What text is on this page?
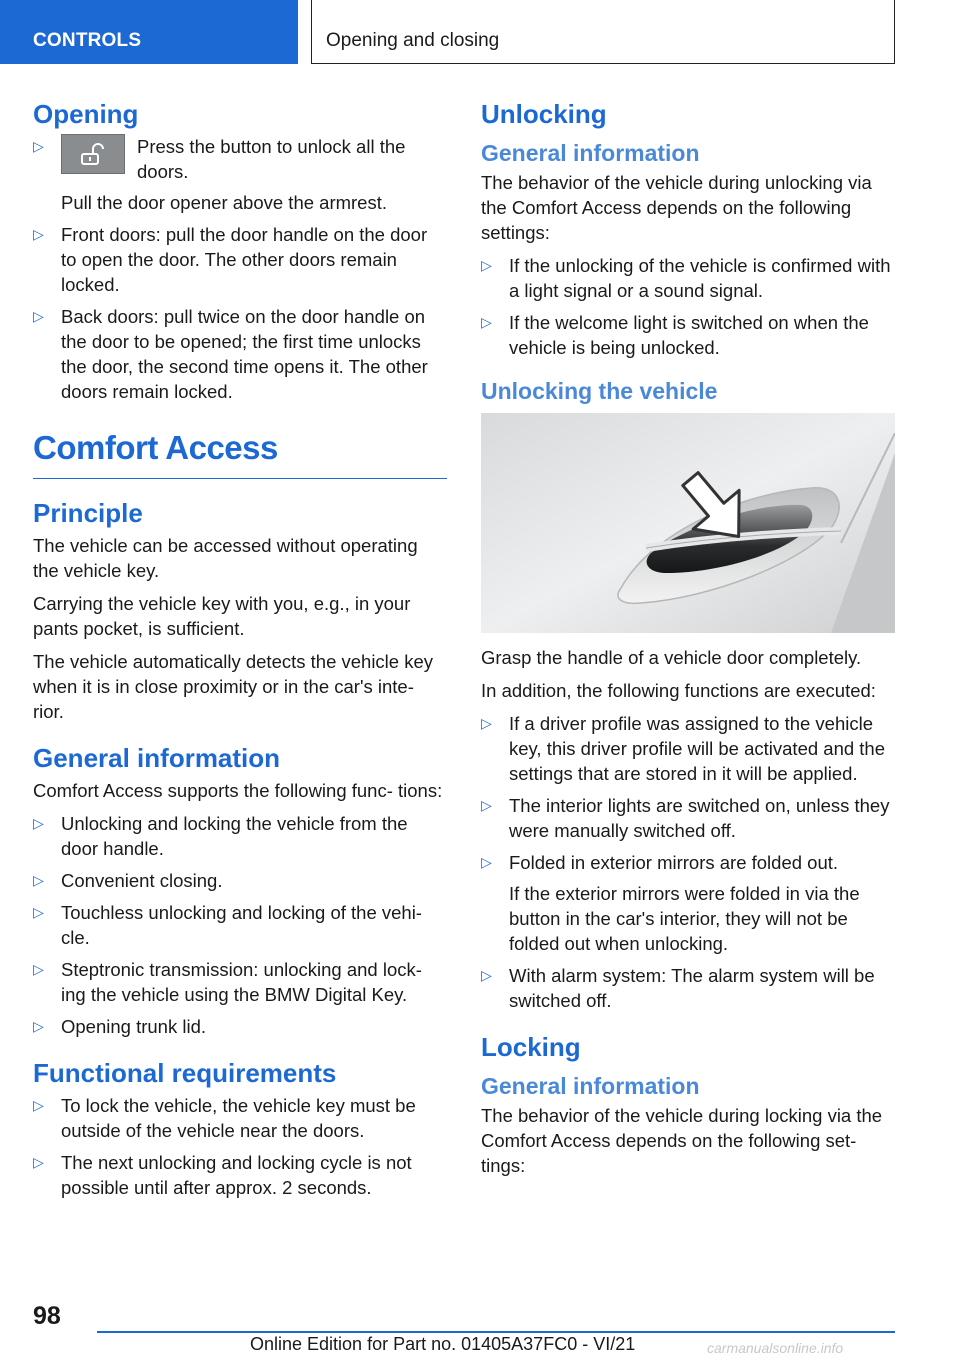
CONTROLS	Opening and closing
Opening
▷	Press the button to unlock all the doors.

Pull the door opener above the armrest.

▷ Front doors: pull the door handle on the door to open the door. The other doors remain locked.

▷ Back doors: pull twice on the door handle on the door to be opened; the first time unlocks the door, the second time opens it. The other doors remain locked.

Comfort Access
Principle

The vehicle can be accessed without operating the vehicle key.

Carrying the vehicle key with you, e.g., in your pants pocket, is sufficient.

The vehicle automatically detects the vehicle key when it is in close proximity or in the car's inte‐ rior.

General information

Comfort Access supports the following func‐ tions:

▷ Unlocking and locking the vehicle from the door handle.

▷ Convenient closing.

▷ Touchless unlocking and locking of the vehi‐ cle.

▷ Steptronic transmission: unlocking and lock‐ ing the vehicle using the BMW Digital Key.

▷ Opening trunk lid.

Functional requirements
▷ To lock the vehicle, the vehicle key must be outside of the vehicle near the doors.

▷ The next unlocking and locking cycle is not possible until after approx. 2 seconds.

Unlocking
General information

The behavior of the vehicle during unlocking via the Comfort Access depends on the following settings:

▷ If the unlocking of the vehicle is confirmed with a light signal or a sound signal.

▷ If the welcome light is switched on when the vehicle is being unlocked.

Unlocking the vehicle

Grasp the handle of a vehicle door completely.

In addition, the following functions are executed:

▷ If a driver profile was assigned to the vehicle key, this driver profile will be activated and the settings that are stored in it will be applied.

▷ The interior lights are switched on, unless they were manually switched off.

▷ Folded in exterior mirrors are folded out.

If the exterior mirrors were folded in via the button in the car's interior, they will not be folded out when unlocking.

▷ With alarm system: The alarm system will be switched off.

Locking
General information

The behavior of the vehicle during locking via the Comfort Access depends on the following set‐ tings:

98
Online Edition for Part no. 01405A37FC0 - VI/21	carmanualsonline.info
